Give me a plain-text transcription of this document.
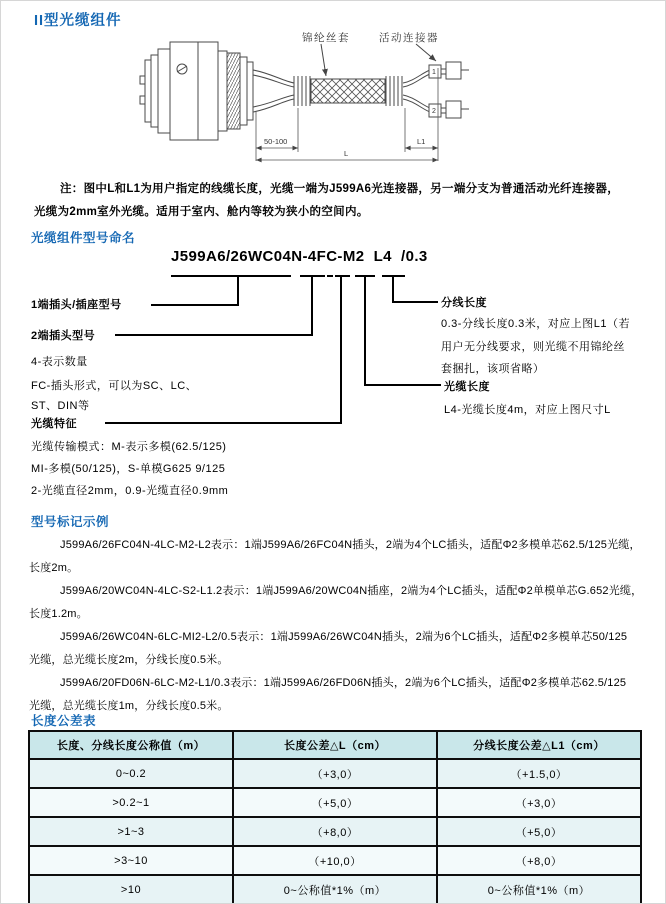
II型光缆组件
1
2
锦纶丝套	活动连接器
50-100	L1
L
注：图中L和L1为用户指定的线缆长度，光缆一端为J599A6光连接器，另一端分支为普通活动光纤连接器，
光缆为2mm室外光缆。适用于室内、舱内等较为狭小的空间内。
光缆组件型号命名
J599A6/26WC04N-4FC-M2  L4  /0.3
1端插头/插座型号
2端插头型号
4-表示数量
FC-插头形式，可以为SC、LC、
ST、DIN等
光缆特征
光缆传输模式：M-表示多模(62.5/125)
MI-多模(50/125)，S-单模G625 9/125
2-光缆直径2mm，0.9-光缆直径0.9mm
分线长度
0.3-分线长度0.3米，对应上图L1（若
用户无分线要求，则光缆不用锦纶丝
套捆扎，该项省略）
光缆长度
L4-光缆长度4m，对应上图尺寸L
型号标记示例
J599A6/26FC04N-4LC-M2-L2表示：1端J599A6/26FC04N插头，2端为4个LC插头，适配Φ2多模单芯62.5/125光缆，
长度2m。
J599A6/20WC04N-4LC-S2-L1.2表示：1端J599A6/20WC04N插座，2端为4个LC插头，适配Φ2单模单芯G.652光缆，
长度1.2m。
J599A6/26WC04N-6LC-MI2-L2/0.5表示：1端J599A6/26WC04N插头，2端为6个LC插头，适配Φ2多模单芯50/125
光缆，总光缆长度2m，分线长度0.5米。
J599A6/20FD06N-6LC-M2-L1/0.3表示：1端J599A6/26FD06N插头，2端为6个LC插头，适配Φ2多模单芯62.5/125
光缆，总光缆长度1m，分线长度0.5米。
长度公差表
长度、分线长度公称值（m）	长度公差△L（cm）	分线长度公差△L1（cm）
0~0.2	（+3,0）	（+1.5,0）
>0.2~1	（+5,0）	（+3,0）
>1~3	（+8,0）	（+5,0）
>3~10	（+10,0）	（+8,0）
>10	0~公称值*1%（m）	0~公称值*1%（m）
